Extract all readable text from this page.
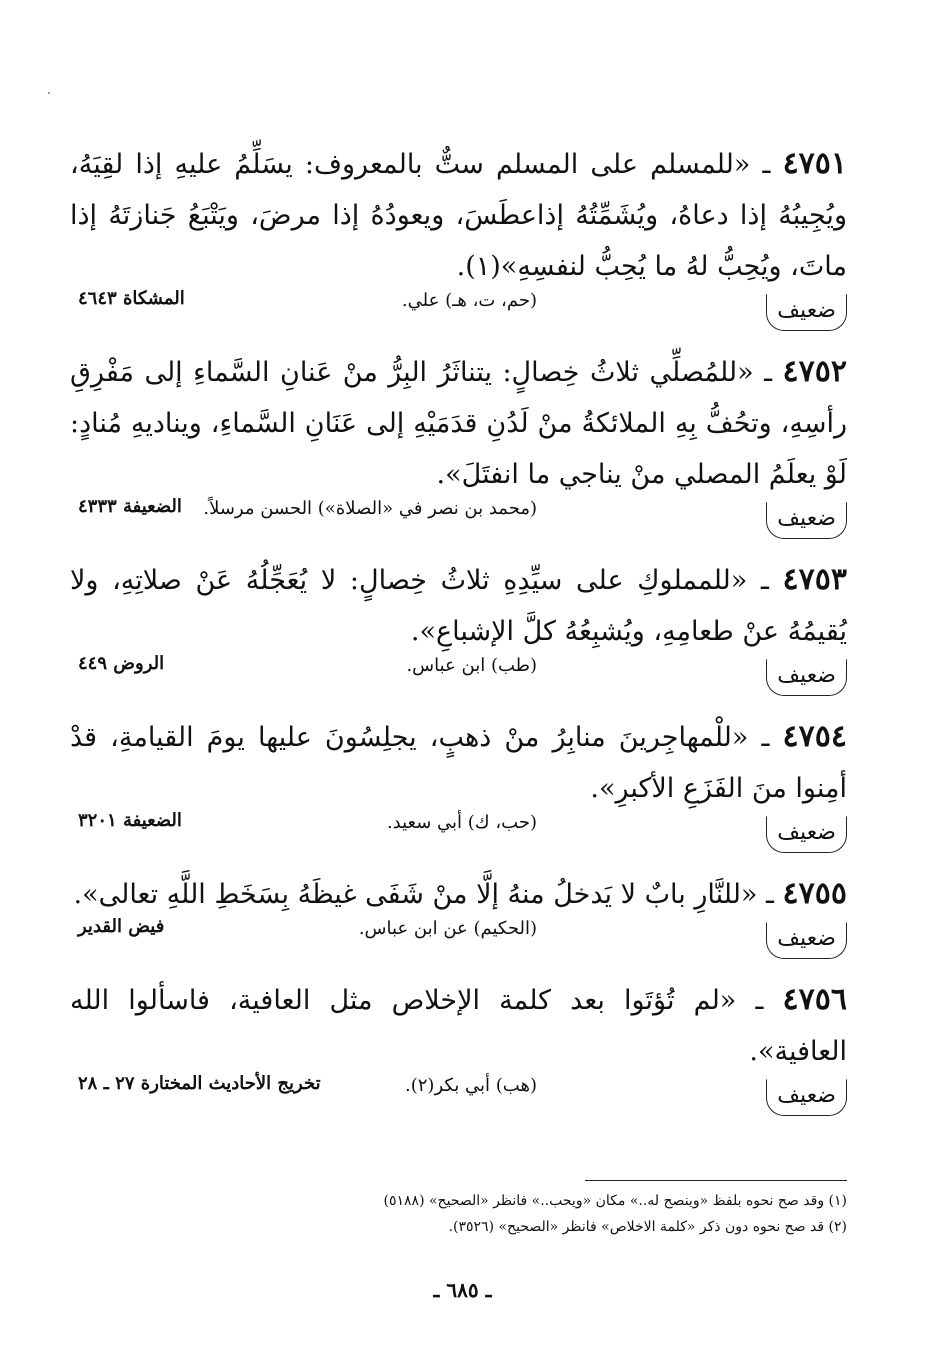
٤٧٥١ ـ «للمسلم على المسلم ستٌّ بالمعروف: يسَلِّمُ عليهِ إذا لقِيَهُ، ويُجِيبُهُ إذا دعاهُ، ويُشَمِّتُهُ إذاعطَسَ، ويعودُهُ إذا مرضَ، ويَتْبَعُ جَنازتَهُ إذا ماتَ، ويُحِبُّ لهُ ما يُحِبُّ لنفسِهِ»(١).

ضعيف
(حم، ت، هـ) علي.
المشكاة ٤٦٤٣

٤٧٥٢ ـ «للمُصلِّي ثلاثُ خِصالٍ: يتناثَرُ البِرُّ منْ عَنانِ السَّماءِ إلى مَفْرِقِ رأسِهِ، وتحُفُّ بِهِ الملائكةُ منْ لَدُنِ قدَمَيْهِ إلى عَنَانِ السَّماءِ، ويناديهِ مُنادٍ: لَوْ يعلَمُ المصلي منْ يناجي ما انفتَلَ».

ضعيف
(محمد بن نصر في «الصلاة») الحسن مرسلاً.
الضعيفة ٤٣٣٣

٤٧٥٣ ـ «للمملوكِ على سيِّدِهِ ثلاثُ خِصالٍ: لا يُعَجِّلُهُ عَنْ صلاتِهِ، ولا يُقيمُهُ عنْ طعامِهِ، ويُشبِعُهُ كلَّ الإشباعِ».

ضعيف
(طب) ابن عباس.
الروض ٤٤٩

٤٧٥٤ ـ «للْمهاجِرينَ منابِرُ منْ ذهبٍ، يجلِسُونَ عليها يومَ القيامةِ، قدْ أمِنوا منَ الفَزَعِ الأكبرِ».

ضعيف
(حب، ك) أبي سعيد.
الضعيفة ٣٢٠١

٤٧٥٥ ـ «للنَّارِ بابٌ لا يَدخلُ منهُ إلَّا منْ شَفَى غيظَهُ بِسَخَطِ اللَّهِ تعالى».

ضعيف
(الحكيم) عن ابن عباس.
فيض القدير

٤٧٥٦ ـ «لم تُؤتَوا بعد كلمة الإخلاص مثل العافية، فاسألوا الله العافية».

ضعيف
(هب) أبي بكر(٢).
تخريج الأحاديث المختارة ٢٧ ـ ٢٨

(١) وقد صح نحوه بلفظ «وينصح له..» مكان «ويحب..» فانظر «الصحيح» (٥١٨٨)

(٢) قد صح نحوه دون ذكر «كلمة الاخلاص» فانظر «الصحيح» (٣٥٢٦).

ـ ٦٨٥ ـ
